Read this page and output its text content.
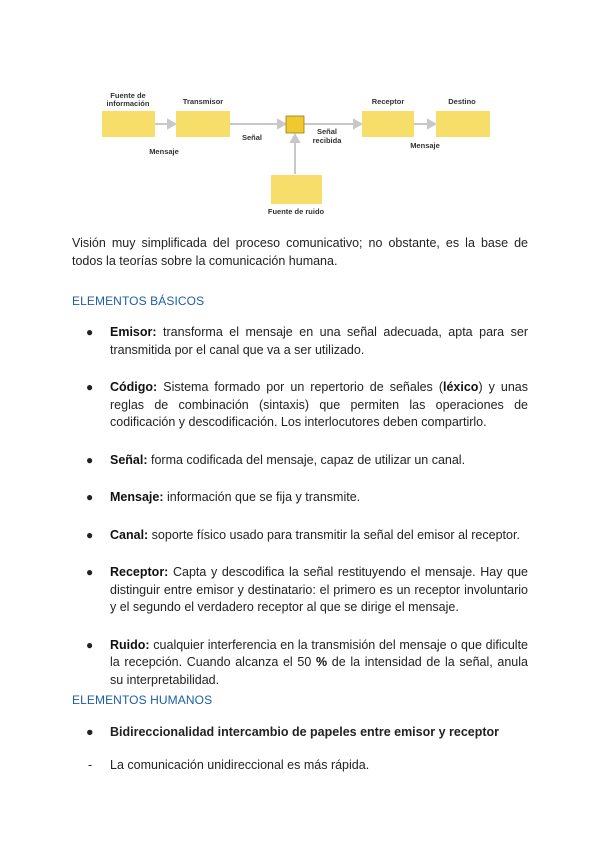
Fuente de
información	Transmisor	Receptor	Destino
Mensaje
Señal
Señal
recibida
Mensaje
Fuente de ruido
Visión muy simplificada del proceso comunicativo; no obstante, es la base de todos la teorías sobre la comunicación humana.
ELEMENTOS BÁSICOS
● Emisor: transforma el mensaje en una señal adecuada, apta para ser transmitida por el canal que va a ser utilizado.
● Código: Sistema formado por un repertorio de señales (léxico) y unas reglas de combinación (sintaxis) que permiten las operaciones de codificación y descodificación. Los interlocutores deben compartirlo.
● Señal: forma codificada del mensaje, capaz de utilizar un canal.
● Mensaje: información que se fija y transmite.
● Canal: soporte físico usado para transmitir la señal del emisor al receptor.
● Receptor: Capta y descodifica la señal restituyendo el mensaje. Hay que distinguir entre emisor y destinatario: el primero es un receptor involuntario y el segundo el verdadero receptor al que se dirige el mensaje.
● Ruido: cualquier interferencia en la transmisión del mensaje o que dificulte la recepción. Cuando alcanza el 50 % de la intensidad de la señal, anula su interpretabilidad.
ELEMENTOS HUMANOS
● Bidireccionalidad intercambio de papeles entre emisor y receptor
- La comunicación unidireccional es más rápida.
